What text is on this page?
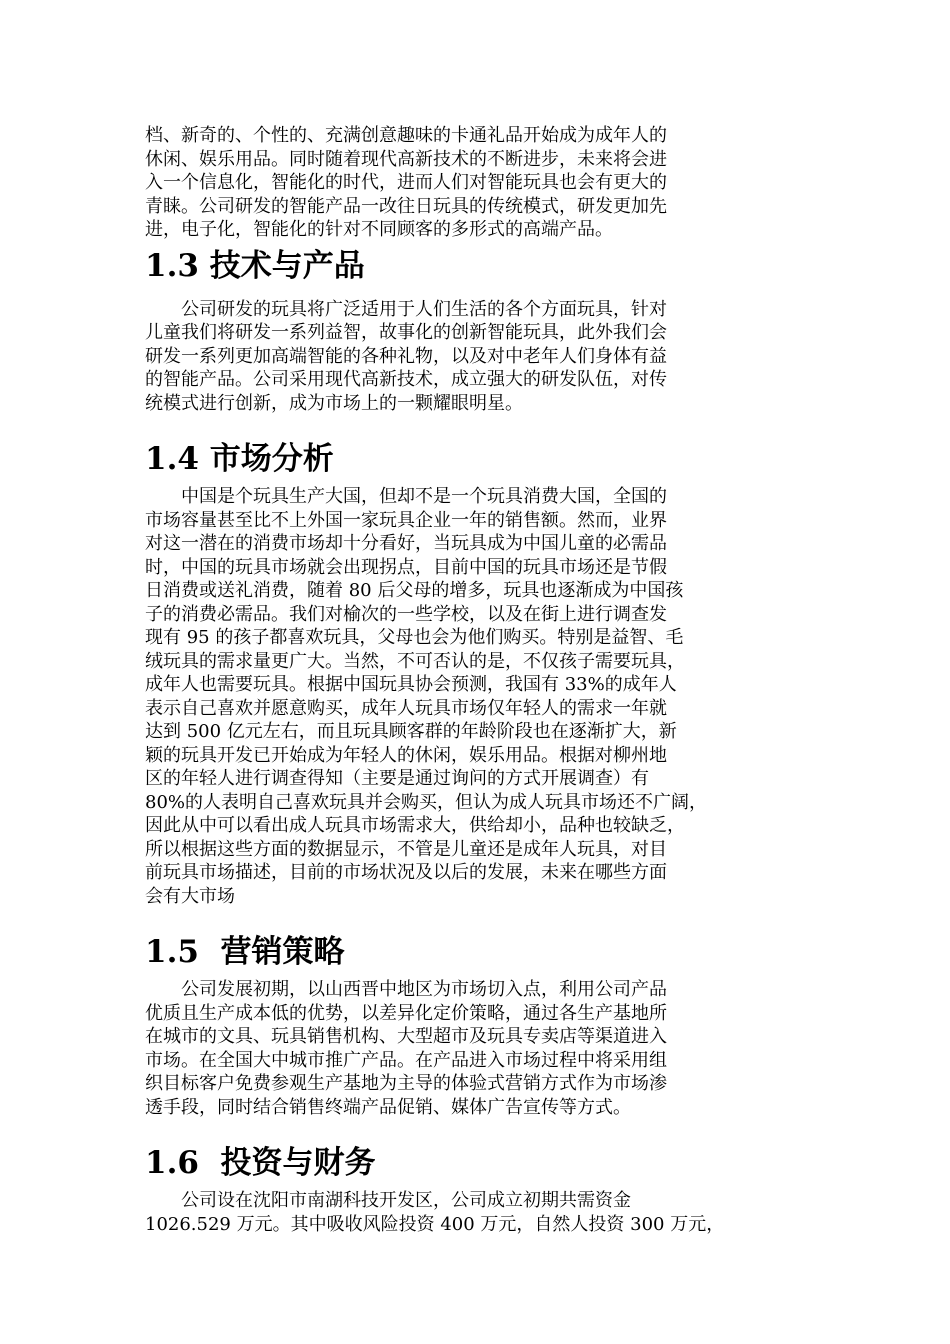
档、新奇的、个性的、充满创意趣味的卡通礼品开始成为成年人的
休闲、娱乐用品。同时随着现代高新技术的不断进步，未来将会进
入一个信息化，智能化的时代，进而人们对智能玩具也会有更大的
青睐。公司研发的智能产品一改往日玩具的传统模式，研发更加先
进，电子化，智能化的针对不同顾客的多形式的高端产品。

1.3 技术与产品

　　公司研发的玩具将广泛适用于人们生活的各个方面玩具，针对
儿童我们将研发一系列益智，故事化的创新智能玩具，此外我们会
研发一系列更加高端智能的各种礼物，以及对中老年人们身体有益
的智能产品。公司采用现代高新技术，成立强大的研发队伍，对传
统模式进行创新，成为市场上的一颗耀眼明星。

1.4 市场分析

　　中国是个玩具生产大国，但却不是一个玩具消费大国，全国的
市场容量甚至比不上外国一家玩具企业一年的销售额。然而，业界
对这一潜在的消费市场却十分看好，当玩具成为中国儿童的必需品
时，中国的玩具市场就会出现拐点，目前中国的玩具市场还是节假
日消费或送礼消费，随着 80 后父母的增多，玩具也逐渐成为中国孩
子的消费必需品。我们对榆次的一些学校，以及在街上进行调查发
现有 95 的孩子都喜欢玩具，父母也会为他们购买。特别是益智、毛
绒玩具的需求量更广大。当然，不可否认的是，不仅孩子需要玩具，
成年人也需要玩具。根据中国玩具协会预测，我国有 33%的成年人
表示自己喜欢并愿意购买，成年人玩具市场仅年轻人的需求一年就
达到 500 亿元左右，而且玩具顾客群的年龄阶段也在逐渐扩大，新
颖的玩具开发已开始成为年轻人的休闲，娱乐用品。根据对柳州地
区的年轻人进行调查得知（主要是通过询问的方式开展调查）有
80%的人表明自己喜欢玩具并会购买，但认为成人玩具市场还不广阔，
因此从中可以看出成人玩具市场需求大，供给却小，品种也较缺乏，
所以根据这些方面的数据显示，不管是儿童还是成年人玩具，对目
前玩具市场描述，目前的市场状况及以后的发展，未来在哪些方面
会有大市场

1.5  营销策略

　　公司发展初期，以山西晋中地区为市场切入点，利用公司产品
优质且生产成本低的优势，以差异化定价策略，通过各生产基地所
在城市的文具、玩具销售机构、大型超市及玩具专卖店等渠道进入
市场。在全国大中城市推广产品。在产品进入市场过程中将采用组
织目标客户免费参观生产基地为主导的体验式营销方式作为市场渗
透手段，同时结合销售终端产品促销、媒体广告宣传等方式。

1.6  投资与财务

　　公司设在沈阳市南湖科技开发区，公司成立初期共需资金
1026.529 万元。其中吸收风险投资 400 万元，自然人投资 300 万元，
